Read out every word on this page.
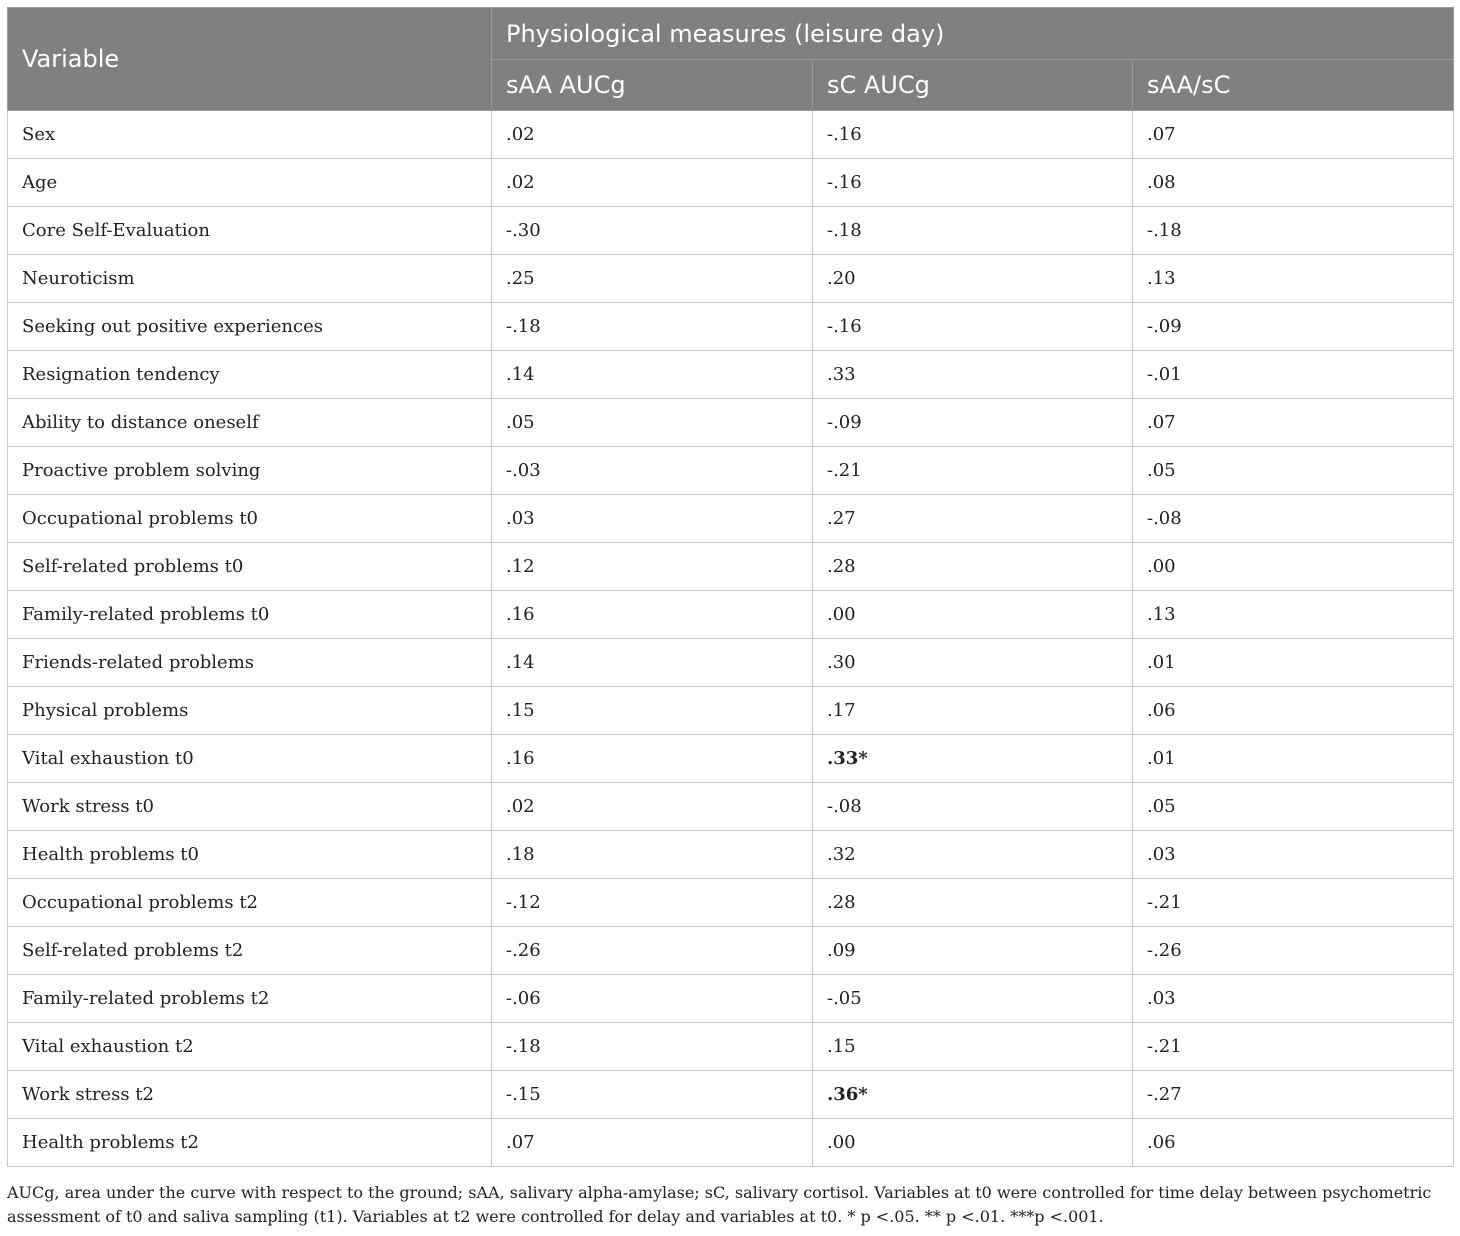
Variable	Physiological measures (leisure day)		
	sAA AUCg	sC AUCg	sAA/sC
Sex	.02	-.16	.07
Age	.02	-.16	.08
Core Self-Evaluation	-.30	-.18	-.18
Neuroticism	.25	.20	.13
Seeking out positive experiences	-.18	-.16	-.09
Resignation tendency	.14	.33	-.01
Ability to distance oneself	.05	-.09	.07
Proactive problem solving	-.03	-.21	.05
Occupational problems t0	.03	.27	-.08
Self-related problems t0	.12	.28	.00
Family-related problems t0	.16	.00	.13
Friends-related problems	.14	.30	.01
Physical problems	.15	.17	.06
Vital exhaustion t0	.16	.33*	.01
Work stress t0	.02	-.08	.05
Health problems t0	.18	.32	.03
Occupational problems t2	-.12	.28	-.21
Self-related problems t2	-.26	.09	-.26
Family-related problems t2	-.06	-.05	.03
Vital exhaustion t2	-.18	.15	-.21
Work stress t2	-.15	.36*	-.27
Health problems t2	.07	.00	.06
AUCg, area under the curve with respect to the ground; sAA, salivary alpha-amylase; sC, salivary cortisol. Variables at t0 were controlled for time delay between psychometric assessment of t0 and saliva sampling (t1). Variables at t2 were controlled for delay and variables at t0. * p <.05. ** p <.01. ***p <.001.
